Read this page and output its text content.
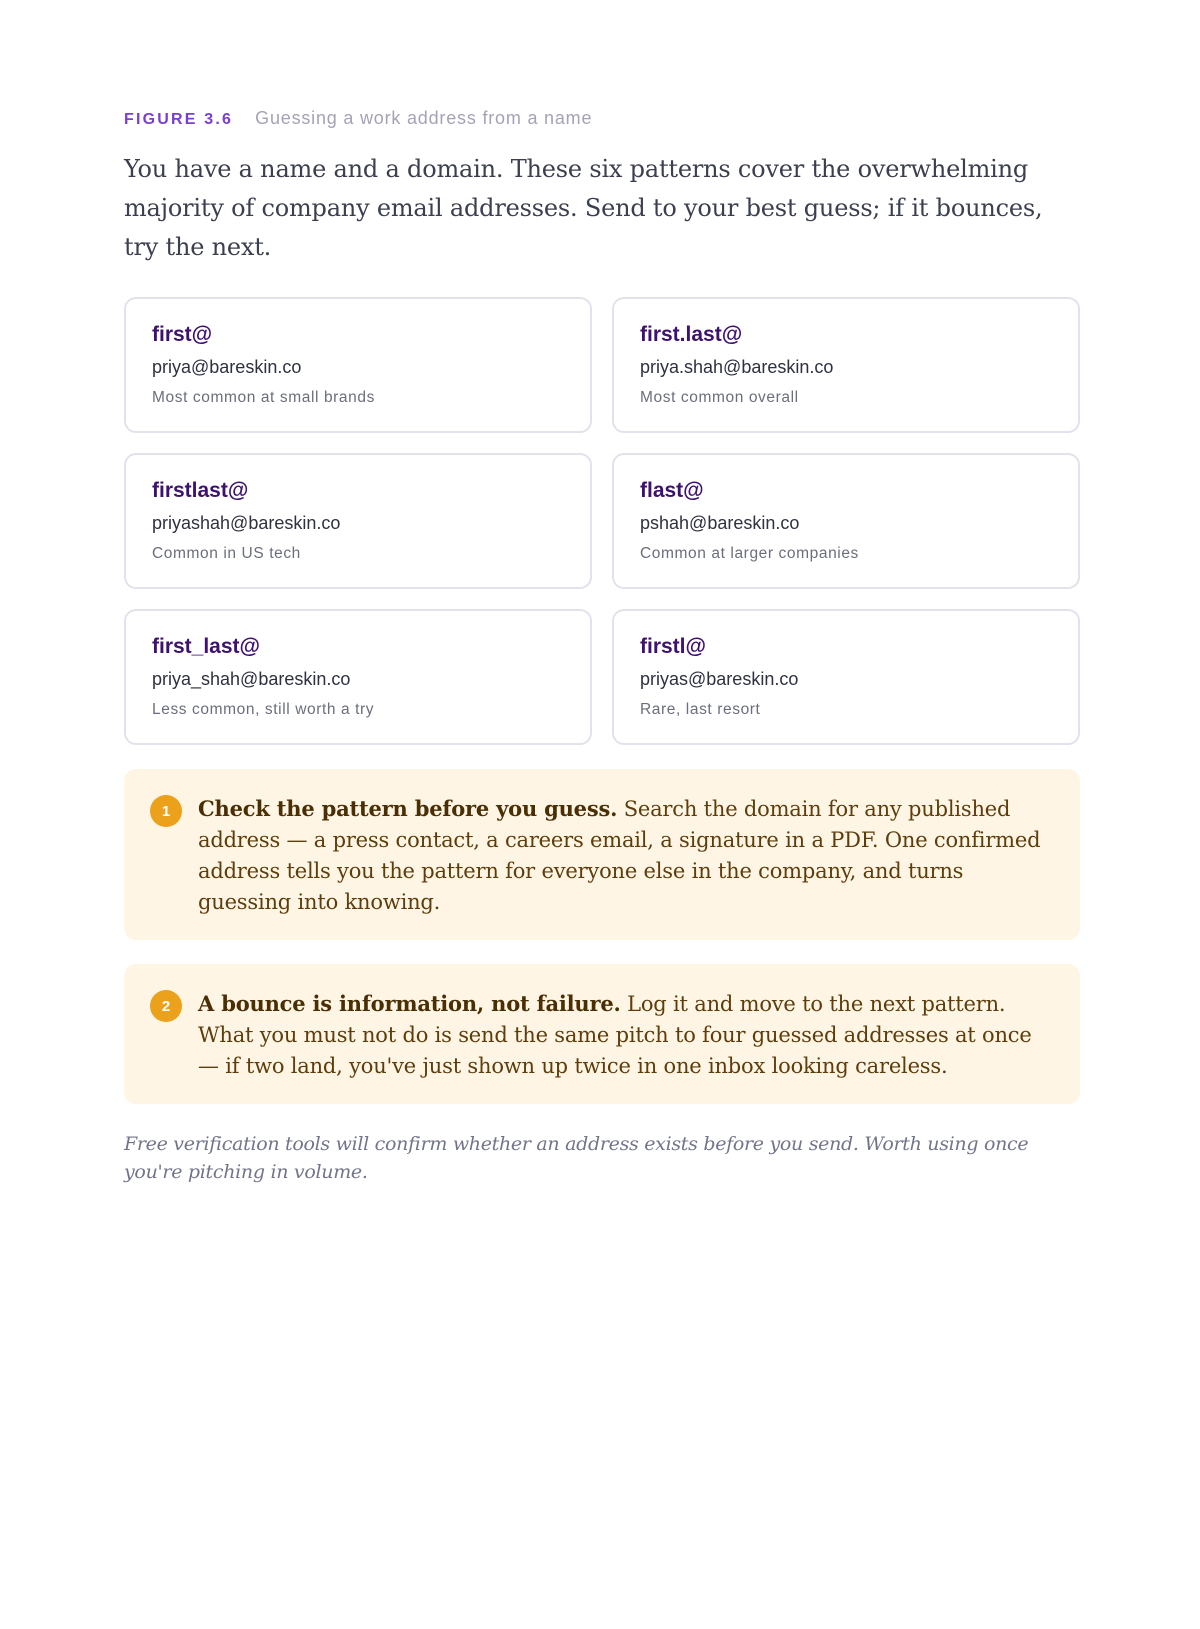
FIGURE 3.6 Guessing a work address from a name

You have a name and a domain. These six patterns cover the overwhelming majority of company email addresses. Send to your best guess; if it bounces, try the next.

first@
priya@bareskin.co
Most common at small brands
first.last@
priya.shah@bareskin.co
Most common overall
firstlast@
priyashah@bareskin.co
Common in US tech
flast@
pshah@bareskin.co
Common at larger companies
first_last@
priya_shah@bareskin.co
Less common, still worth a try
firstl@
priyas@bareskin.co
Rare, last resort
1	Check the pattern before you guess. Search the domain for any published address — a press contact, a careers email, a signature in a PDF. One confirmed address tells you the pattern for everyone else in the company, and turns guessing into knowing.

2	A bounce is information, not failure. Log it and move to the next pattern. What you must not do is send the same pitch to four guessed addresses at once — if two land, you've just shown up twice in one inbox looking careless.

Free verification tools will confirm whether an address exists before you send. Worth using once you're pitching in volume.
